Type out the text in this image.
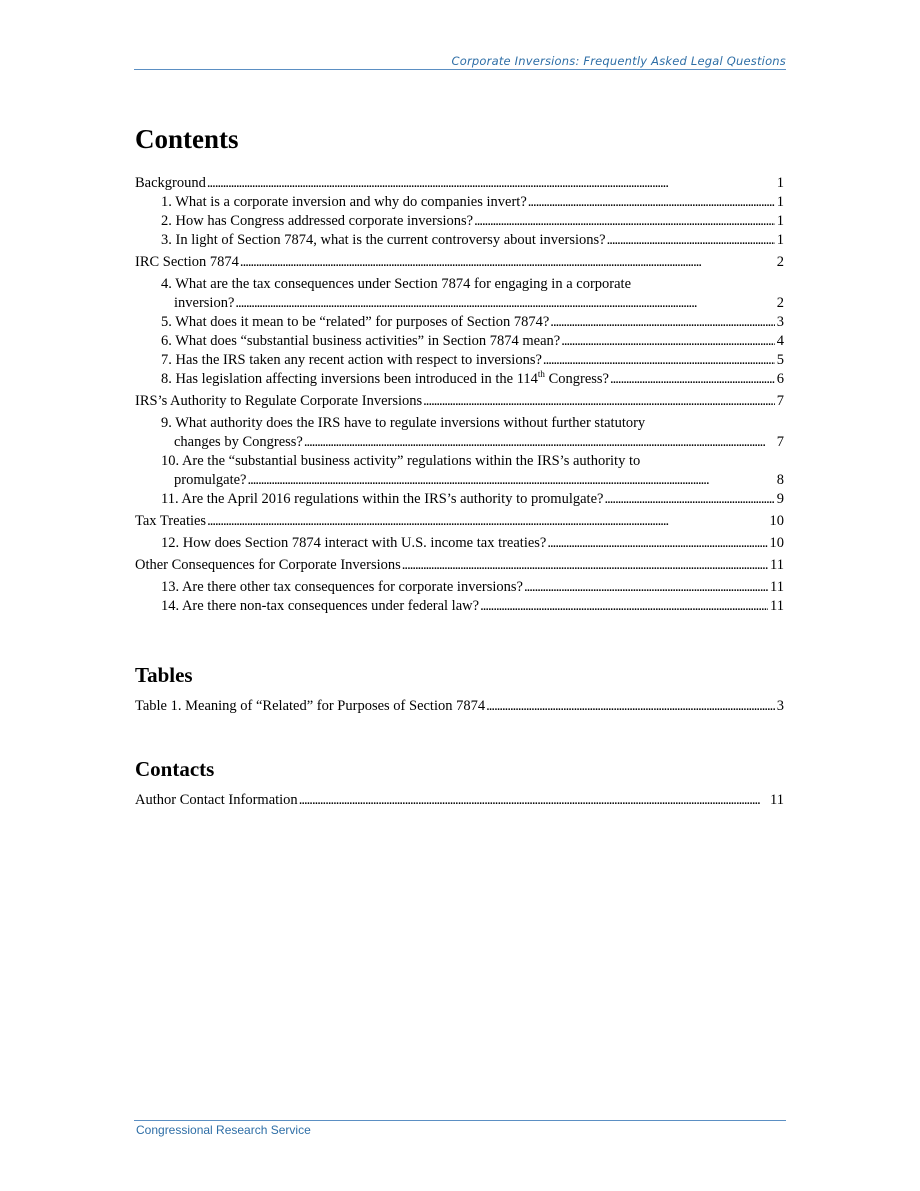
Corporate Inversions: Frequently Asked Legal Questions
Contents
Background . . .	1
1. What is a corporate inversion and why do companies invert? . . .	1
2. How has Congress addressed corporate inversions? . . .	1
3. In light of Section 7874, what is the current controversy about inversions? . . .	1
IRC Section 7874 . . .	2
4. What are the tax consequences under Section 7874 for engaging in a corporate
inversion? . . .	2
5. What does it mean to be “related” for purposes of Section 7874? . . .	3
6. What does “substantial business activities” in Section 7874 mean? . . .	4
7. Has the IRS taken any recent action with respect to inversions? . . .	5
8. Has legislation affecting inversions been introduced in the 114th Congress? . . .	6
IRS’s Authority to Regulate Corporate Inversions . . .	7
9. What authority does the IRS have to regulate inversions without further statutory
changes by Congress? . . .	7
10. Are the “substantial business activity” regulations within the IRS’s authority to
promulgate? . . .	8
11. Are the April 2016 regulations within the IRS’s authority to promulgate? . . .	9
Tax Treaties . . .	10
12. How does Section 7874 interact with U.S. income tax treaties? . . .	10
Other Consequences for Corporate Inversions . . .	11
13. Are there other tax consequences for corporate inversions? . . .	11
14. Are there non-tax consequences under federal law? . . .	11
Tables
Table 1. Meaning of “Related” for Purposes of Section 7874 . . .	3
Contacts
Author Contact Information . . .	11
Congressional Research Service
